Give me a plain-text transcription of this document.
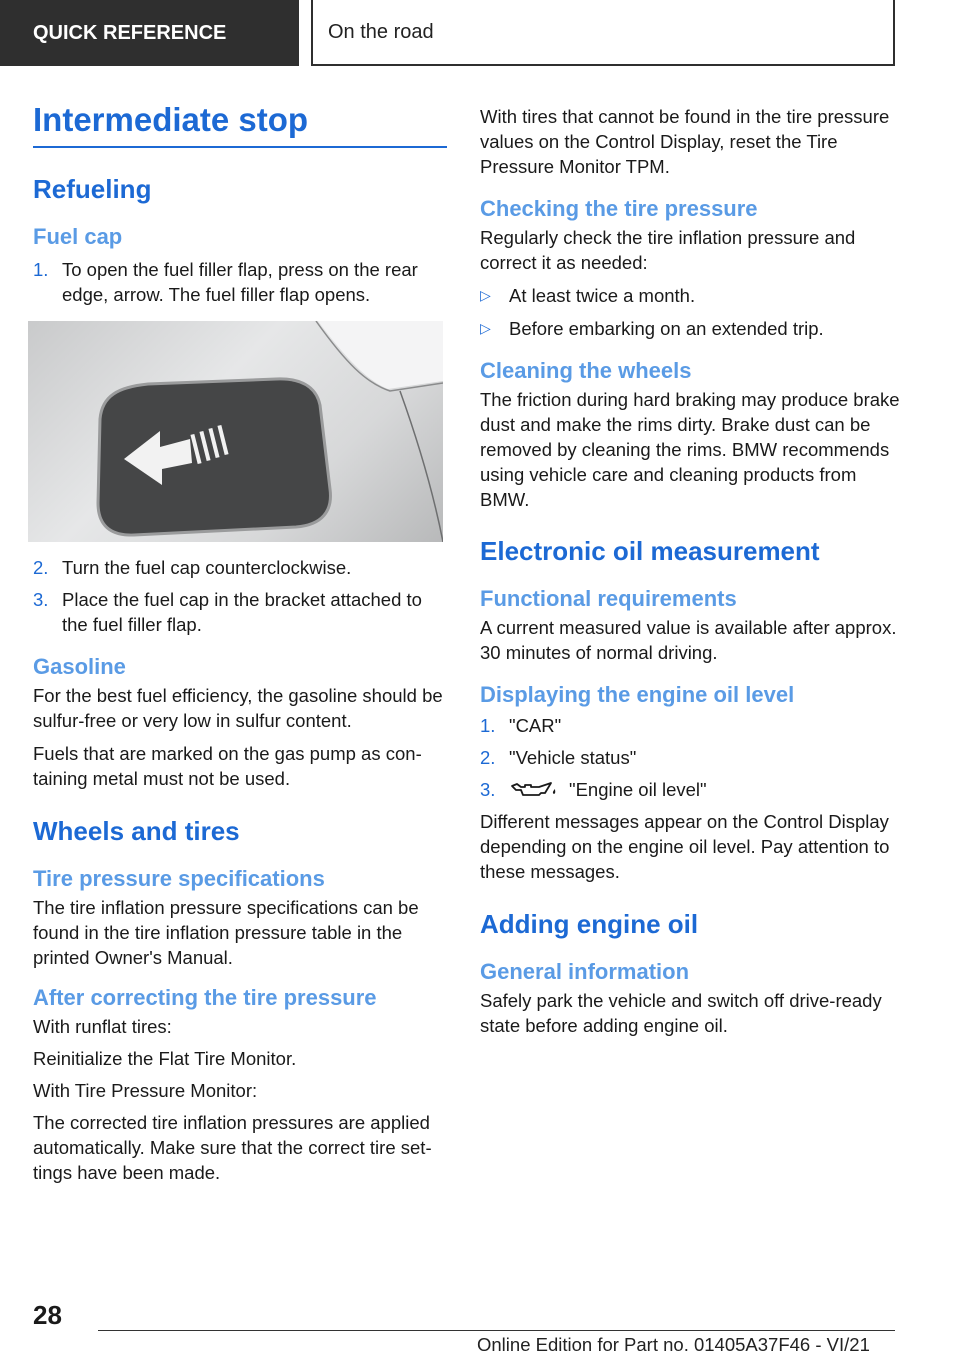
QUICK REFERENCE	On the road
Intermediate stop
Refueling
Fuel cap
1. To open the fuel filler flap, press on the rear edge, arrow. The fuel filler flap opens.
2. Turn the fuel cap counterclockwise.
3. Place the fuel cap in the bracket attached to the fuel filler flap.
Gasoline

For the best fuel efficiency, the gasoline should be sulfur-free or very low in sulfur content.

Fuels that are marked on the gas pump as containing metal must not be used.

Wheels and tires
Tire pressure specifications

The tire inflation pressure specifications can be found in the tire inflation pressure table in the printed Owner's Manual.

After correcting the tire pressure

With runflat tires:

Reinitialize the Flat Tire Monitor.

With Tire Pressure Monitor:

The corrected tire inflation pressures are applied automatically. Make sure that the correct tire settings have been made.

With tires that cannot be found in the tire pressure values on the Control Display, reset the Tire Pressure Monitor TPM.

Checking the tire pressure

Regularly check the tire inflation pressure and correct it as needed:

▷ At least twice a month.
▷ Before embarking on an extended trip.
Cleaning the wheels

The friction during hard braking may produce brake dust and make the rims dirty. Brake dust can be removed by cleaning the rims. BMW recommends using vehicle care and cleaning products from BMW.

Electronic oil measurement
Functional requirements

A current measured value is available after approx. 30 minutes of normal driving.

Displaying the engine oil level
1. "CAR"
2. "Vehicle status"
3.	"Engine oil level"

Different messages appear on the Control Display depending on the engine oil level. Pay attention to these messages.

Adding engine oil
General information

Safely park the vehicle and switch off drive-ready state before adding engine oil.

28
Online Edition for Part no. 01405A37F46 - VI/21
